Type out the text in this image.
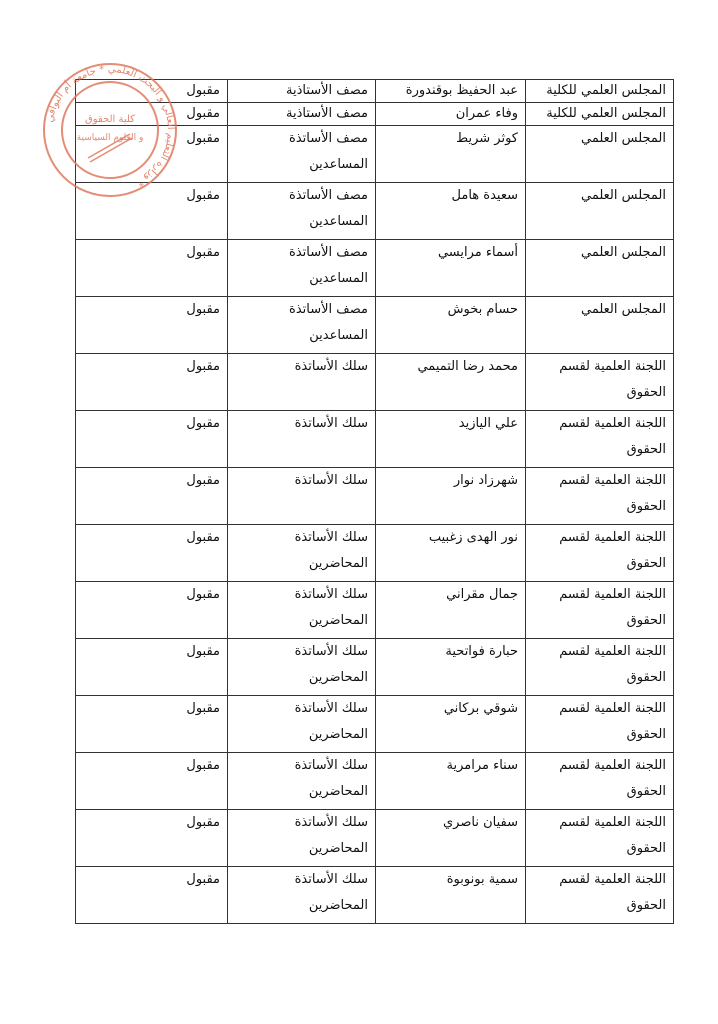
المجلس العلمي للكلية	عبد الحفيظ بوقندورة	مصف الأستاذية	مقبول
المجلس العلمي للكلية	وفاء عمران	مصف الأستاذية	مقبول
المجلس العلمي	كوثر شريط	مصف الأساتذة المساعدين	مقبول
المجلس العلمي	سعيدة هامل	مصف الأساتذة المساعدين	مقبول
المجلس العلمي	أسماء مرايسي	مصف الأساتذة المساعدين	مقبول
المجلس العلمي	حسام بخوش	مصف الأساتذة المساعدين	مقبول
اللجنة العلمية لقسم الحقوق	محمد رضا التميمي	سلك الأساتذة	مقبول
اللجنة العلمية لقسم الحقوق	علي اليازيد	سلك الأساتذة	مقبول
اللجنة العلمية لقسم الحقوق	شهرزاد نوار	سلك الأساتذة	مقبول
اللجنة العلمية لقسم الحقوق	نور الهدى زغبيب	سلك الأساتذة المحاضرين	مقبول
اللجنة العلمية لقسم الحقوق	جمال مقراني	سلك الأساتذة المحاضرين	مقبول
اللجنة العلمية لقسم الحقوق	حبارة فواتحية	سلك الأساتذة المحاضرين	مقبول
اللجنة العلمية لقسم الحقوق	شوقي بركاني	سلك الأساتذة المحاضرين	مقبول
اللجنة العلمية لقسم الحقوق	سناء مرامرية	سلك الأساتذة المحاضرين	مقبول
اللجنة العلمية لقسم الحقوق	سفيان ناصري	سلك الأساتذة المحاضرين	مقبول
اللجنة العلمية لقسم الحقوق	سمية بونوبوة	سلك الأساتذة المحاضرين	مقبول
وزارة التعليم العالي و البحث العلمي * جامعة أم البواقي *
كلية الحقوق
و العلوم السياسية
